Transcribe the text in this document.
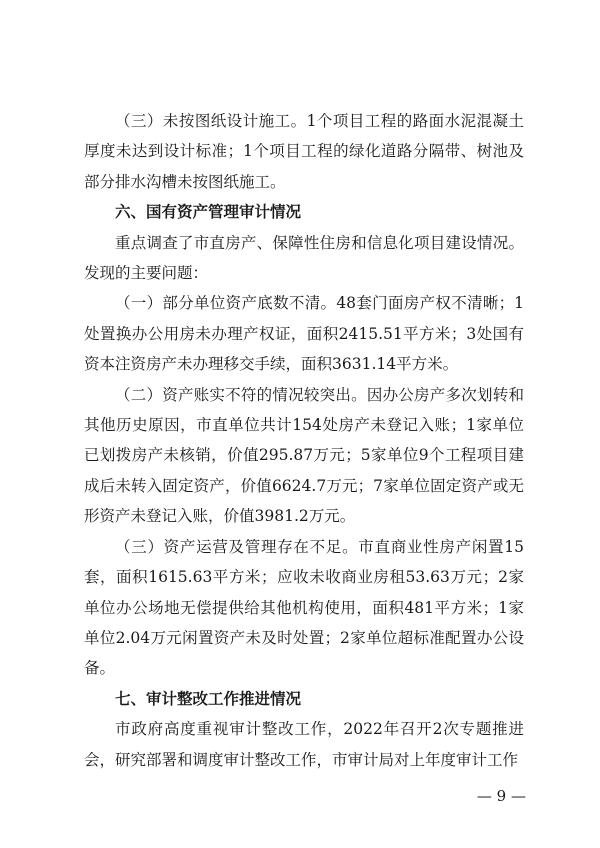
（三）未按图纸设计施工。1个项目工程的路面水泥混凝土厚度未达到设计标准；1个项目工程的绿化道路分隔带、树池及部分排水沟槽未按图纸施工。

六、国有资产管理审计情况

重点调查了市直房产、保障性住房和信息化项目建设情况。发现的主要问题：

（一）部分单位资产底数不清。48套门面房产权不清晰；1处置换办公用房未办理产权证，面积2415.51平方米；3处国有资本注资房产未办理移交手续，面积3631.14平方米。

（二）资产账实不符的情况较突出。因办公房产多次划转和其他历史原因，市直单位共计154处房产未登记入账；1家单位已划拨房产未核销，价值295.87万元；5家单位9个工程项目建成后未转入固定资产，价值6624.7万元；7家单位固定资产或无形资产未登记入账，价值3981.2万元。

（三）资产运营及管理存在不足。市直商业性房产闲置15套，面积1615.63平方米；应收未收商业房租53.63万元；2家单位办公场地无偿提供给其他机构使用，面积481平方米；1家单位2.04万元闲置资产未及时处置；2家单位超标准配置办公设备。

七、审计整改工作推进情况

市政府高度重视审计整改工作，2022年召开2次专题推进会，研究部署和调度审计整改工作，市审计局对上年度审计工作

— 9 —
